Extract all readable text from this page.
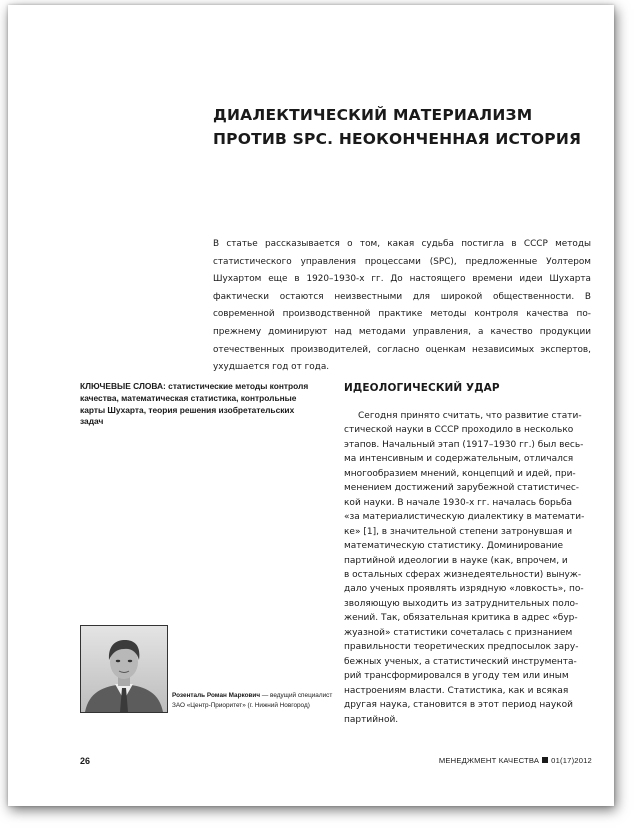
ДИАЛЕКТИЧЕСКИЙ МАТЕРИАЛИЗМ
ПРОТИВ SPC. НЕОКОНЧЕННАЯ ИСТОРИЯ

В статье рассказывается о том, какая судьба постигла в СССР методы статистического управления процессами (SPC), предложенные Уолтером Шухартом еще в 1920–1930-х гг. До настоящего времени идеи Шухарта фактически остаются неизвестными для широкой общественности. В современной производственной практике методы контроля качества по-прежнему доминируют над методами управления, а качество продукции отечественных производителей, согласно оценкам независимых экспертов, ухудшается год от года.

КЛЮЧЕВЫЕ СЛОВА: статистические методы контроля качества, математическая статистика, контрольные карты Шухарта, теория решения изобретательских задач

ИДЕОЛОГИЧЕСКИЙ УДАР
Сегодня принято считать, что развитие стати-
стической науки в СССР проходило в несколько
этапов. Начальный этап (1917–1930 гг.) был весь-
ма интенсивным и содержательным, отличался
многообразием мнений, концепций и идей, при-
менением достижений зарубежной статистичес-
кой науки. В начале 1930-х гг. началась борьба
«за материалистическую диалектику в математи-
ке» [1], в значительной степени затронувшая и
математическую статистику. Доминирование
партийной идеологии в науке (как, впрочем, и
в остальных сферах жизнедеятельности) вынуж-
дало ученых проявлять изрядную «ловкость», по-
зволяющую выходить из затруднительных поло-
жений. Так, обязательная критика в адрес «бур-
жуазной» статистики сочеталась с признанием
правильности теоретических предпосылок зару-
бежных ученых, а статистический инструмента-
рий трансформировался в угоду тем или иным
настроениям власти. Статистика, как и всякая
другая наука, становится в этот период наукой
партийной.

Розенталь Роман Маркович — ведущий специалист
ЗАО «Центр-Приоритет» (г. Нижний Новгород)

26	МЕНЕДЖМЕНТ КАЧЕСТВА 01(17)2012
